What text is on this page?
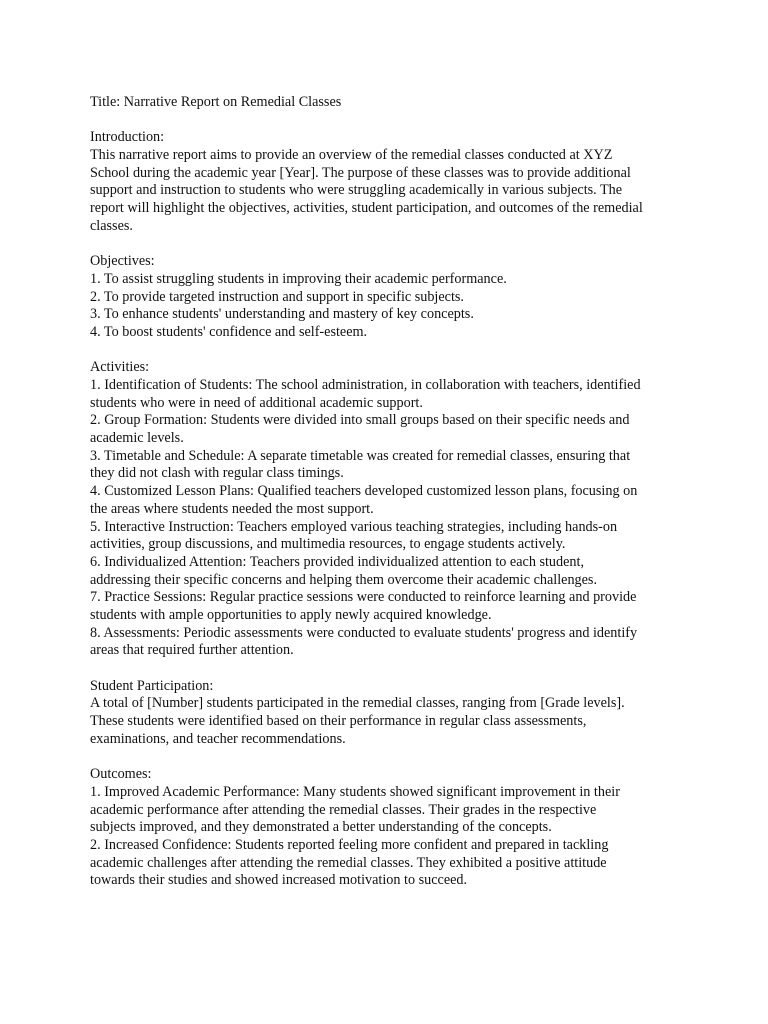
Title: Narrative Report on Remedial Classes
Introduction:
This narrative report aims to provide an overview of the remedial classes conducted at XYZ
School during the academic year [Year]. The purpose of these classes was to provide additional
support and instruction to students who were struggling academically in various subjects. The
report will highlight the objectives, activities, student participation, and outcomes of the remedial
classes.
Objectives:
1. To assist struggling students in improving their academic performance.
2. To provide targeted instruction and support in specific subjects.
3. To enhance students' understanding and mastery of key concepts.
4. To boost students' confidence and self-esteem.
Activities:
1. Identification of Students: The school administration, in collaboration with teachers, identified
students who were in need of additional academic support.
2. Group Formation: Students were divided into small groups based on their specific needs and
academic levels.
3. Timetable and Schedule: A separate timetable was created for remedial classes, ensuring that
they did not clash with regular class timings.
4. Customized Lesson Plans: Qualified teachers developed customized lesson plans, focusing on
the areas where students needed the most support.
5. Interactive Instruction: Teachers employed various teaching strategies, including hands-on
activities, group discussions, and multimedia resources, to engage students actively.
6. Individualized Attention: Teachers provided individualized attention to each student,
addressing their specific concerns and helping them overcome their academic challenges.
7. Practice Sessions: Regular practice sessions were conducted to reinforce learning and provide
students with ample opportunities to apply newly acquired knowledge.
8. Assessments: Periodic assessments were conducted to evaluate students' progress and identify
areas that required further attention.
Student Participation:
A total of [Number] students participated in the remedial classes, ranging from [Grade levels].
These students were identified based on their performance in regular class assessments,
examinations, and teacher recommendations.
Outcomes:
1. Improved Academic Performance: Many students showed significant improvement in their
academic performance after attending the remedial classes. Their grades in the respective
subjects improved, and they demonstrated a better understanding of the concepts.
2. Increased Confidence: Students reported feeling more confident and prepared in tackling
academic challenges after attending the remedial classes. They exhibited a positive attitude
towards their studies and showed increased motivation to succeed.
